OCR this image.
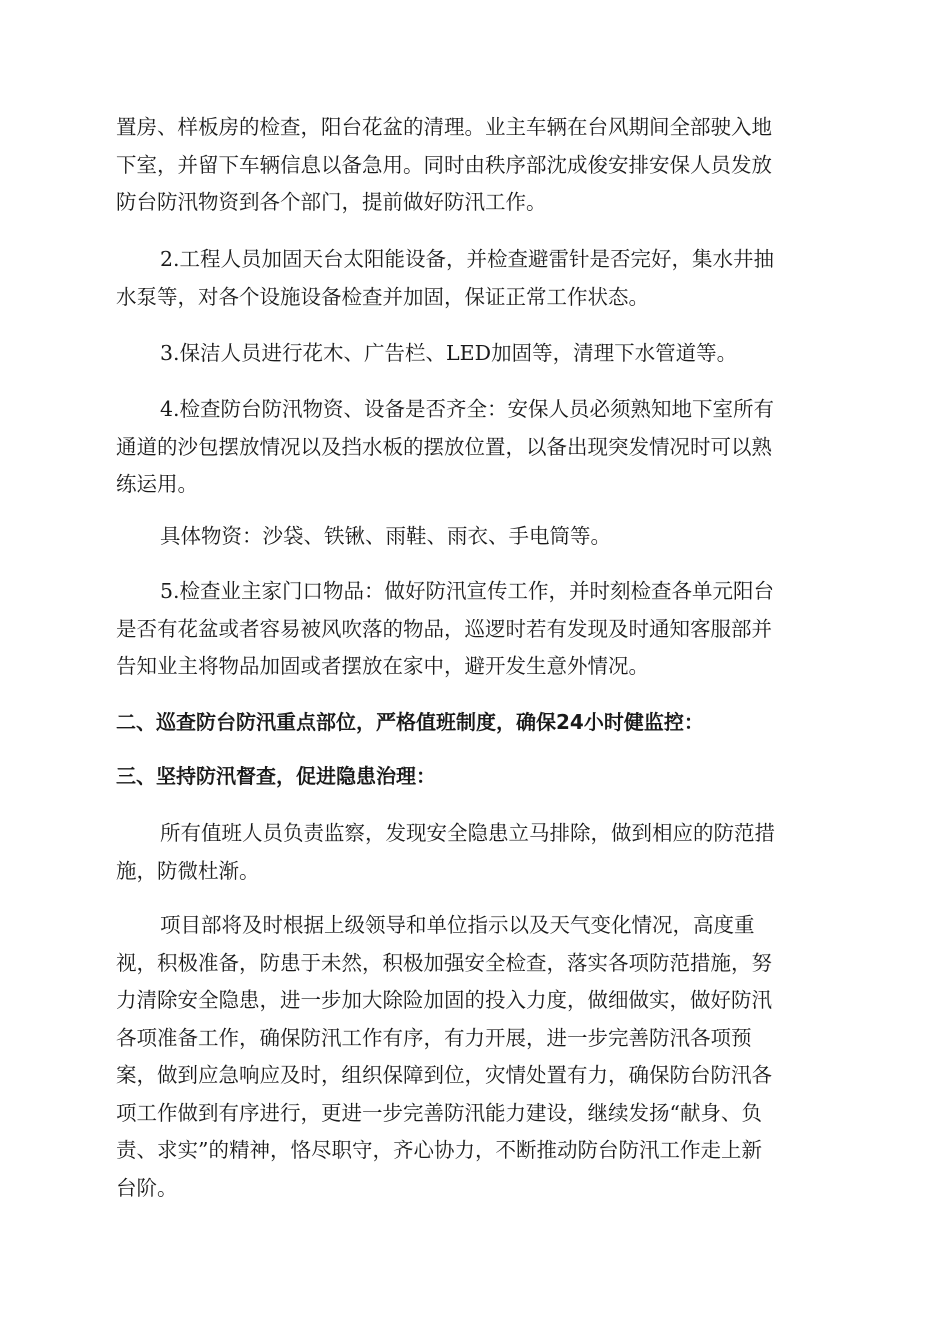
置房、样板房的检查，阳台花盆的清理。业主车辆在台风期间全部驶入地
下室，并留下车辆信息以备急用。同时由秩序部沈成俊安排安保人员发放
防台防汛物资到各个部门，提前做好防汛工作。

2.工程人员加固天台太阳能设备，并检查避雷针是否完好，集水井抽
水泵等，对各个设施设备检查并加固，保证正常工作状态。

3.保洁人员进行花木、广告栏、LED加固等，清理下水管道等。

4.检查防台防汛物资、设备是否齐全：安保人员必须熟知地下室所有
通道的沙包摆放情况以及挡水板的摆放位置，以备出现突发情况时可以熟
练运用。

具体物资：沙袋、铁锹、雨鞋、雨衣、手电筒等。

5.检查业主家门口物品：做好防汛宣传工作，并时刻检查各单元阳台
是否有花盆或者容易被风吹落的物品，巡逻时若有发现及时通知客服部并
告知业主将物品加固或者摆放在家中，避开发生意外情况。

二、巡查防台防汛重点部位，严格值班制度，确保24小时健监控：

三、坚持防汛督查，促进隐患治理：

所有值班人员负责监察，发现安全隐患立马排除，做到相应的防范措
施，防微杜渐。

项目部将及时根据上级领导和单位指示以及天气变化情况，高度重
视，积极准备，防患于未然，积极加强安全检查，落实各项防范措施，努
力清除安全隐患，进一步加大除险加固的投入力度，做细做实，做好防汛
各项准备工作，确保防汛工作有序，有力开展，进一步完善防汛各项预
案，做到应急响应及时，组织保障到位，灾情处置有力，确保防台防汛各
项工作做到有序进行，更进一步完善防汛能力建设，继续发扬“献身、负
责、求实”的精神，恪尽职守，齐心协力，不断推动防台防汛工作走上新
台阶。
